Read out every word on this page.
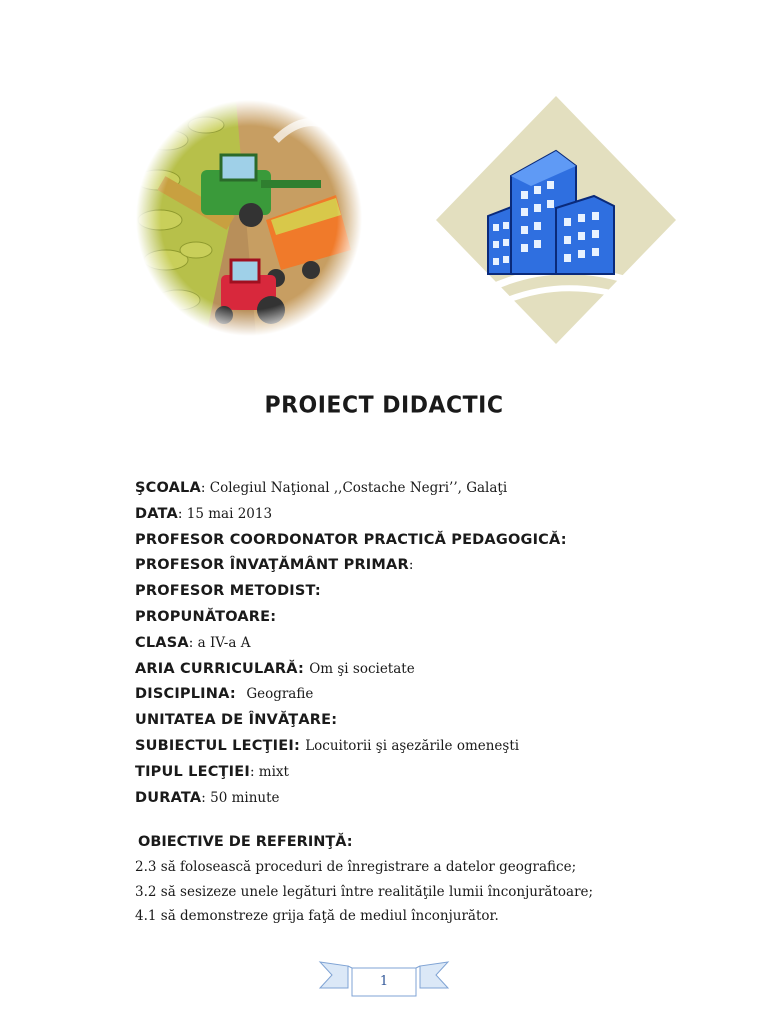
PROIECT DIDACTIC
ŞCOALA: Colegiul Naţional ,,Costache Negri’’, Galaţi
DATA: 15 mai 2013
PROFESOR COORDONATOR PRACTICĂ PEDAGOGICĂ:
PROFESOR ÎNVAŢĂMÂNT PRIMAR:
PROFESOR METODIST:
PROPUNĂTOARE:
CLASA: a IV-a A
ARIA CURRICULARĂ: Om şi societate
DISCIPLINA:  Geografie
UNITATEA DE ÎNVĂŢARE:
SUBIECTUL LECŢIEI: Locuitorii şi aşezările omeneşti
TIPUL LECŢIEI: mixt
DURATA: 50 minute
OBIECTIVE DE REFERINŢĂ:
2.3 să folosească proceduri de înregistrare a datelor geografice;
3.2 să sesizeze unele legături între realităţile lumii înconjurătoare;
4.1 să demonstreze grija faţă de mediul înconjurător.
1
